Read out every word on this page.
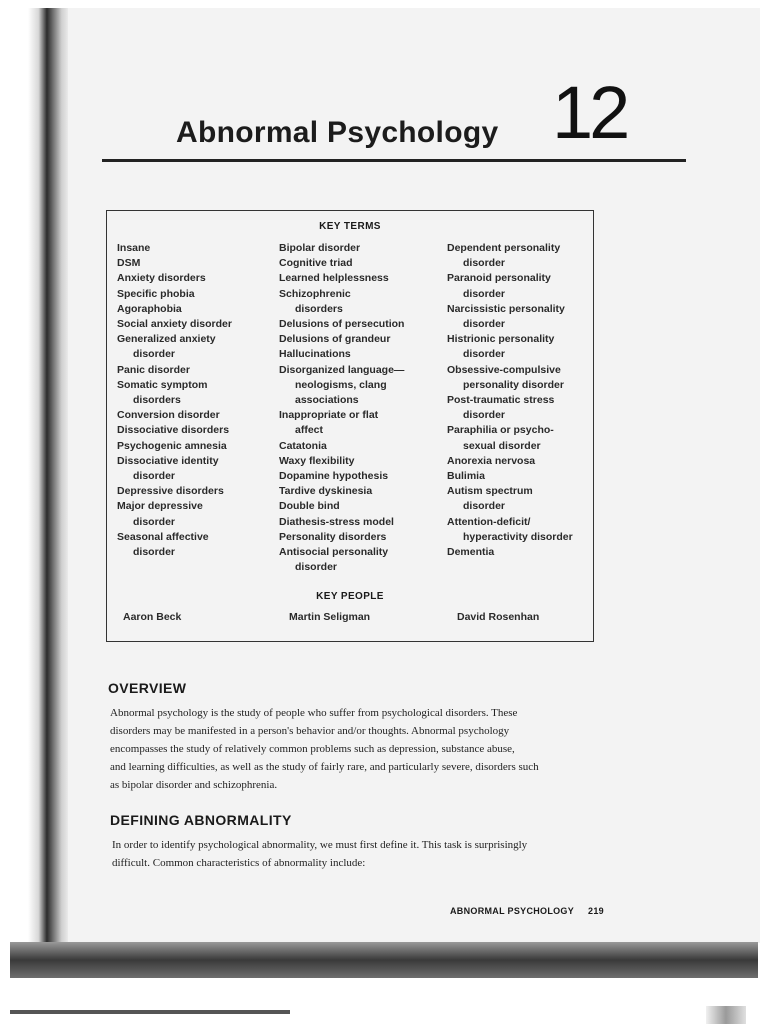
Abnormal Psychology 12
KEY TERMS
Insane
DSM
Anxiety disorders
Specific phobia
Agoraphobia
Social anxiety disorder
Generalized anxiety
disorder
Panic disorder
Somatic symptom
disorders
Conversion disorder
Dissociative disorders
Psychogenic amnesia
Dissociative identity
disorder
Depressive disorders
Major depressive
disorder
Seasonal affective
disorder
Bipolar disorder
Cognitive triad
Learned helplessness
Schizophrenic
disorders
Delusions of persecution
Delusions of grandeur
Hallucinations
Disorganized language—
neologisms, clang
associations
Inappropriate or flat
affect
Catatonia
Waxy flexibility
Dopamine hypothesis
Tardive dyskinesia
Double bind
Diathesis-stress model
Personality disorders
Antisocial personality
disorder
Dependent personality
disorder
Paranoid personality
disorder
Narcissistic personality
disorder
Histrionic personality
disorder
Obsessive-compulsive
personality disorder
Post-traumatic stress
disorder
Paraphilia or psycho-
sexual disorder
Anorexia nervosa
Bulimia
Autism spectrum
disorder
Attention-deficit/
hyperactivity disorder
Dementia
KEY PEOPLE
Aaron Beck	Martin Seligman	David Rosenhan
OVERVIEW
Abnormal psychology is the study of people who suffer from psychological disorders. These
disorders may be manifested in a person's behavior and/or thoughts. Abnormal psychology
encompasses the study of relatively common problems such as depression, substance abuse,
and learning difficulties, as well as the study of fairly rare, and particularly severe, disorders such
as bipolar disorder and schizophrenia.
DEFINING ABNORMALITY
In order to identify psychological abnormality, we must first define it. This task is surprisingly
difficult. Common characteristics of abnormality include:
ABNORMAL PSYCHOLOGY 219
